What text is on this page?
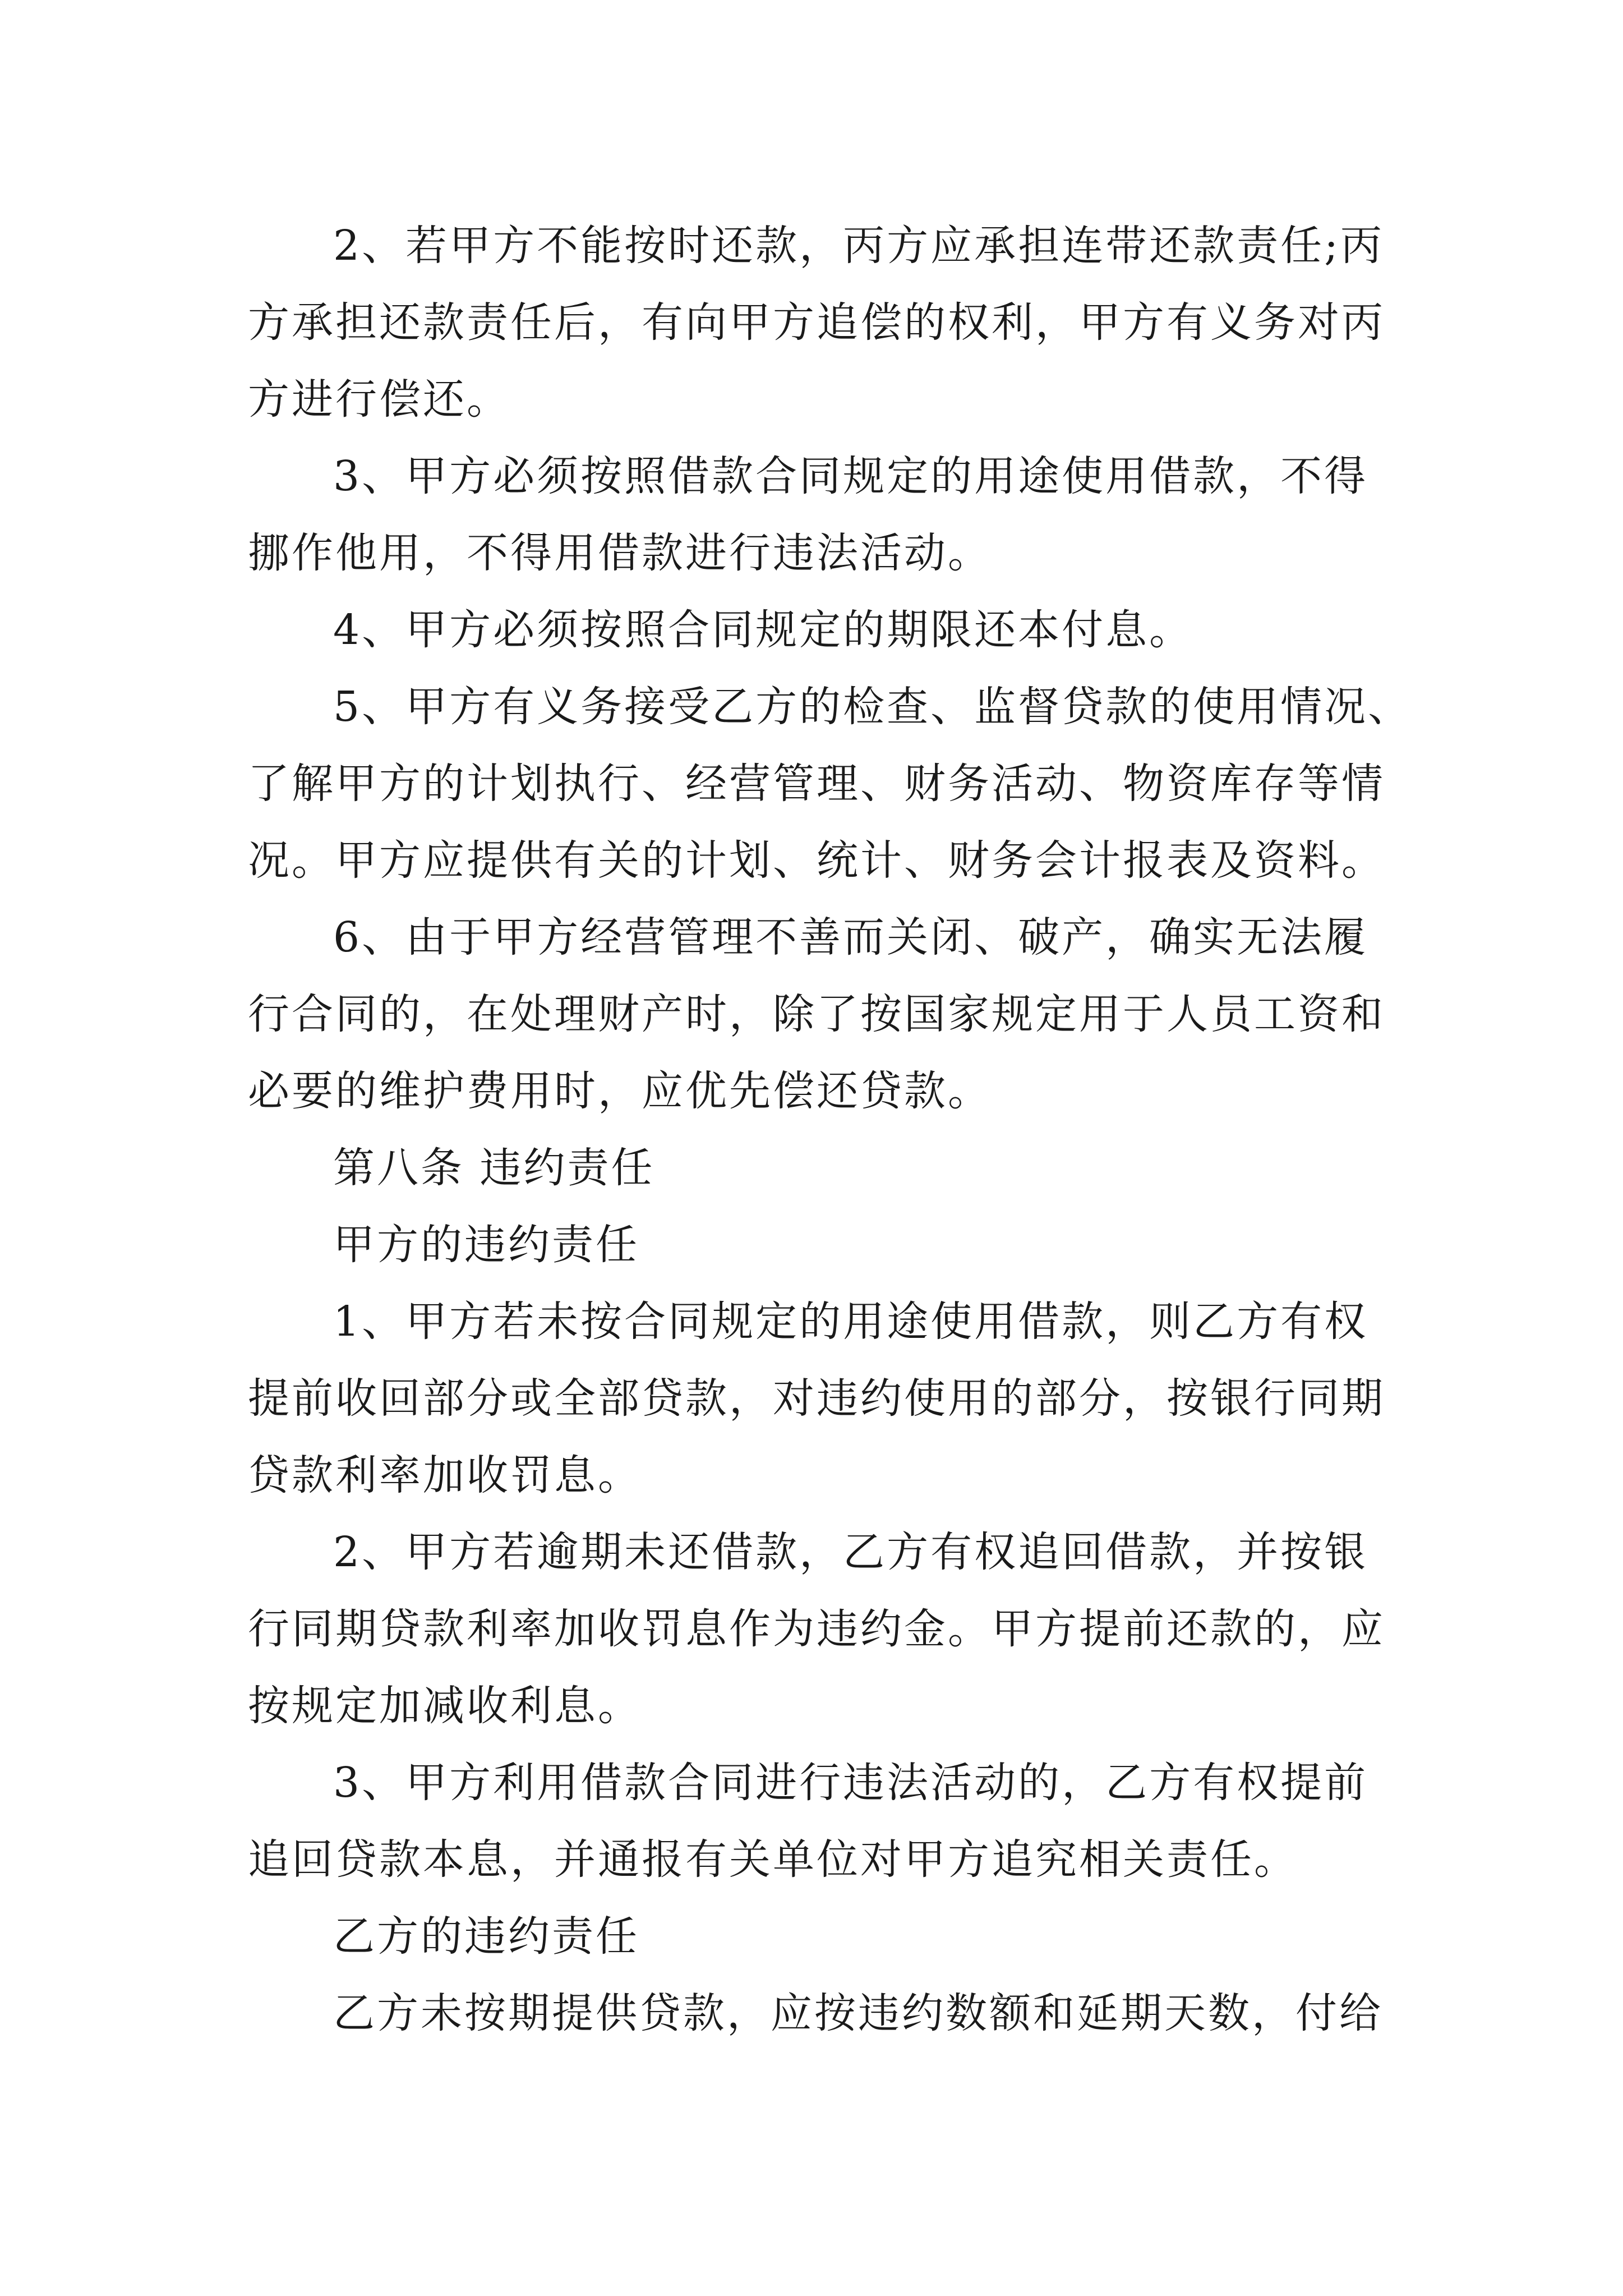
2、若甲方不能按时还款，丙方应承担连带还款责任;丙
方承担还款责任后，有向甲方追偿的权利，甲方有义务对丙
方进行偿还。
3、甲方必须按照借款合同规定的用途使用借款，不得
挪作他用，不得用借款进行违法活动。
4、甲方必须按照合同规定的期限还本付息。
5、甲方有义务接受乙方的检查、监督贷款的使用情况、
了解甲方的计划执行、经营管理、财务活动、物资库存等情
况。甲方应提供有关的计划、统计、财务会计报表及资料。
6、由于甲方经营管理不善而关闭、破产，确实无法履
行合同的，在处理财产时，除了按国家规定用于人员工资和
必要的维护费用时，应优先偿还贷款。
第八条 违约责任
甲方的违约责任
1、甲方若未按合同规定的用途使用借款，则乙方有权
提前收回部分或全部贷款，对违约使用的部分，按银行同期
贷款利率加收罚息。
2、甲方若逾期未还借款，乙方有权追回借款，并按银
行同期贷款利率加收罚息作为违约金。甲方提前还款的，应
按规定加减收利息。
3、甲方利用借款合同进行违法活动的，乙方有权提前
追回贷款本息，并通报有关单位对甲方追究相关责任。
乙方的违约责任
乙方未按期提供贷款，应按违约数额和延期天数，付给
